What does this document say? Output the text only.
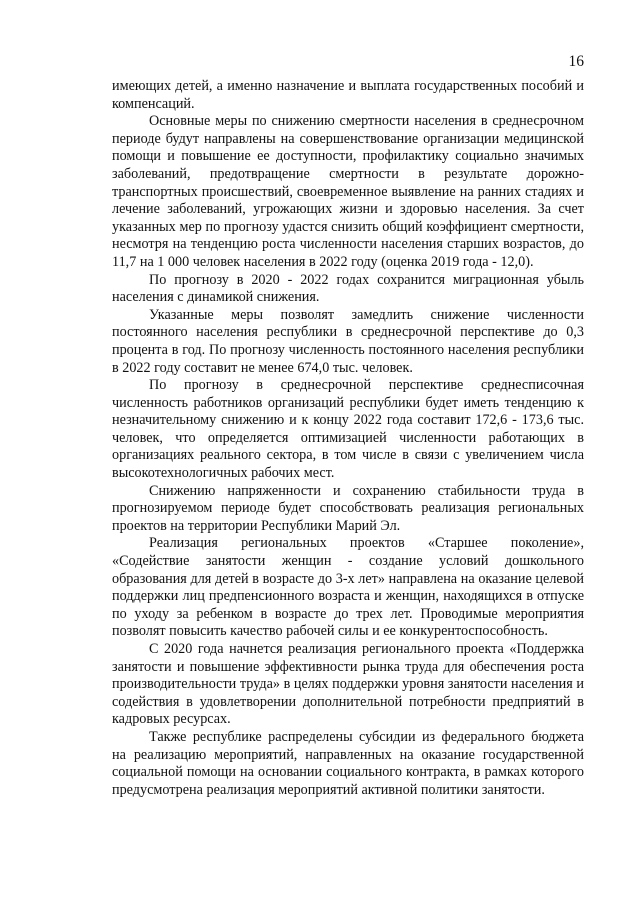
16

имеющих детей, а именно назначение и выплата государственных пособий и компенсаций.

Основные меры по снижению смертности населения в среднесрочном периоде будут направлены на совершенствование организации медицинской помощи и повышение ее доступности, профилактику социально значимых заболеваний, предотвращение смертности в результате дорожно-транспортных происшествий, своевременное выявление на ранних стадиях и лечение заболеваний, угрожающих жизни и здоровью населения. За счет указанных мер по прогнозу удастся снизить общий коэффициент смертности, несмотря на тенденцию роста численности населения старших возрастов, до 11,7 на 1 000 человек населения в 2022 году (оценка 2019 года - 12,0).

По прогнозу в 2020 - 2022 годах сохранится миграционная убыль населения с динамикой снижения.

Указанные меры позволят замедлить снижение численности постоянного населения республики в среднесрочной перспективе до 0,3 процента в год. По прогнозу численность постоянного населения республики в 2022 году составит не менее 674,0 тыс. человек.

По прогнозу в среднесрочной перспективе среднесписочная численность работников организаций республики будет иметь тенденцию к незначительному снижению и к концу 2022 года составит 172,6 - 173,6 тыс. человек, что определяется оптимизацией численности работающих в организациях реального сектора, в том числе в связи с увеличением числа высокотехнологичных рабочих мест.

Снижению напряженности и сохранению стабильности труда в прогнозируемом периоде будет способствовать реализация региональных проектов на территории Республики Марий Эл.

Реализация региональных проектов «Старшее поколение», «Содействие занятости женщин - создание условий дошкольного образования для детей в возрасте до 3-х лет» направлена на оказание целевой поддержки лиц предпенсионного возраста и женщин, находящихся в отпуске по уходу за ребенком в возрасте до трех лет. Проводимые мероприятия позволят повысить качество рабочей силы и ее конкурентоспособность.

С 2020 года начнется реализация регионального проекта «Поддержка занятости и повышение эффективности рынка труда для обеспечения роста производительности труда» в целях поддержки уровня занятости населения и содействия в удовлетворении дополнительной потребности предприятий в кадровых ресурсах.

Также республике распределены субсидии из федерального бюджета на реализацию мероприятий, направленных на оказание государственной социальной помощи на основании социального контракта, в рамках которого предусмотрена реализация мероприятий активной политики занятости.
